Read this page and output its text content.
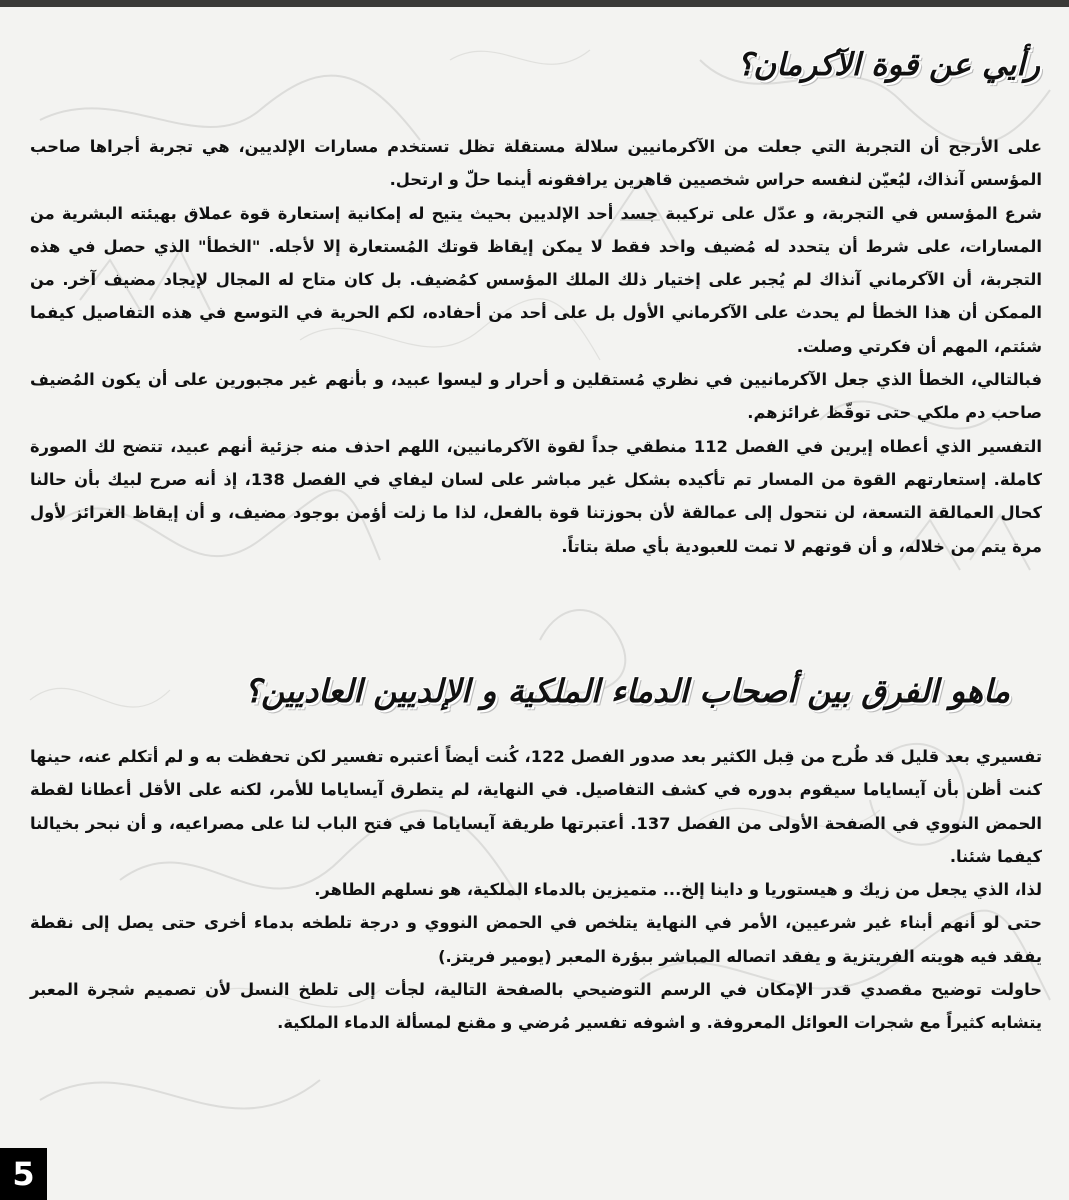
رأيي عن قوة الآكرمان؟

على الأرجح أن التجربة التي جعلت من الآكرمانيين سلالة مستقلة تظل تستخدم مسارات الإلديين، هي تجربة أجراها صاحب المؤسس آنذاك، ليُعيّن لنفسه حراس شخصيين قاهرين يرافقونه أينما حلّ و ارتحل.

شرع المؤسس في التجربة، و عدّل على تركيبة جسد أحد الإلديين بحيث يتيح له إمكانية إستعارة قوة عملاق بهيئته البشرية من المسارات، على شرط أن يتحدد له مُضيف واحد فقط لا يمكن إيقاظ قوتك المُستعارة إلا لأجله. "الخطأ" الذي حصل في هذه التجربة، أن الآكرماني آنذاك لم يُجبر على إختيار ذلك الملك المؤسس كمُضيف. بل كان متاح له المجال لإيجاد مضيف آخر. من الممكن أن هذا الخطأ لم يحدث على الآكرماني الأول بل على أحد من أحفاده، لكم الحرية في التوسع في هذه التفاصيل كيفما شئتم، المهم أن فكرتي وصلت.

فبالتالي، الخطأ الذي جعل الآكرمانيين في نظري مُستقلين و أحرار و ليسوا عبيد، و بأنهم غير مجبورين على أن يكون المُضيف صاحب دم ملكي حتى توقّظ غرائزهم.

التفسير الذي أعطاه إيرين في الفصل 112 منطقي جداً لقوة الآكرمانيين، اللهم احذف منه جزئية أنهم عبيد، تتضح لك الصورة كاملة. إستعارتهم القوة من المسار تم تأكيده بشكل غير مباشر على لسان ليفاي في الفصل 138، إذ أنه صرح لبيك بأن حالنا كحال العمالقة التسعة، لن نتحول إلى عمالقة لأن بحوزتنا قوة بالفعل، لذا ما زلت أؤمن بوجود مضيف، و أن إيقاظ الغرائز لأول مرة يتم من خلاله، و أن قوتهم لا تمت للعبودية بأي صلة بتاتاً.

ماهو الفرق بين أصحاب الدماء الملكية و الإلديين العاديين؟

تفسيري بعد قليل قد طُرح من قِبل الكثير بعد صدور الفصل 122، كُنت أيضاً أعتبره تفسير لكن تحفظت به و لم أتكلم عنه، حينها كنت أظن بأن آيساياما سيقوم بدوره في كشف التفاصيل. في النهاية، لم يتطرق آيساياما للأمر، لكنه على الأقل أعطانا لقطة الحمض النووي في الصفحة الأولى من الفصل 137. أعتبرتها طريقة آيساياما في فتح الباب لنا على مصراعيه، و أن نبحر بخيالنا كيفما شئنا.

لذا، الذي يجعل من زيك و هيستوريا و داينا إلخ... متميزين بالدماء الملكية، هو نسلهم الطاهر.

حتى لو أنهم أبناء غير شرعيين، الأمر في النهاية يتلخص في الحمض النووي و درجة تلطخه بدماء أخرى حتى يصل إلى نقطة يفقد فيه هويته الفريتزية و يفقد اتصاله المباشر ببؤرة المعبر (يومير فريتز.)

حاولت توضيح مقصدي قدر الإمكان في الرسم التوضيحي بالصفحة التالية، لجأت إلى تلطخ النسل لأن تصميم شجرة المعبر يتشابه كثيراً مع شجرات العوائل المعروفة. و اشوفه تفسير مُرضي و مقنع لمسألة الدماء الملكية.

5
